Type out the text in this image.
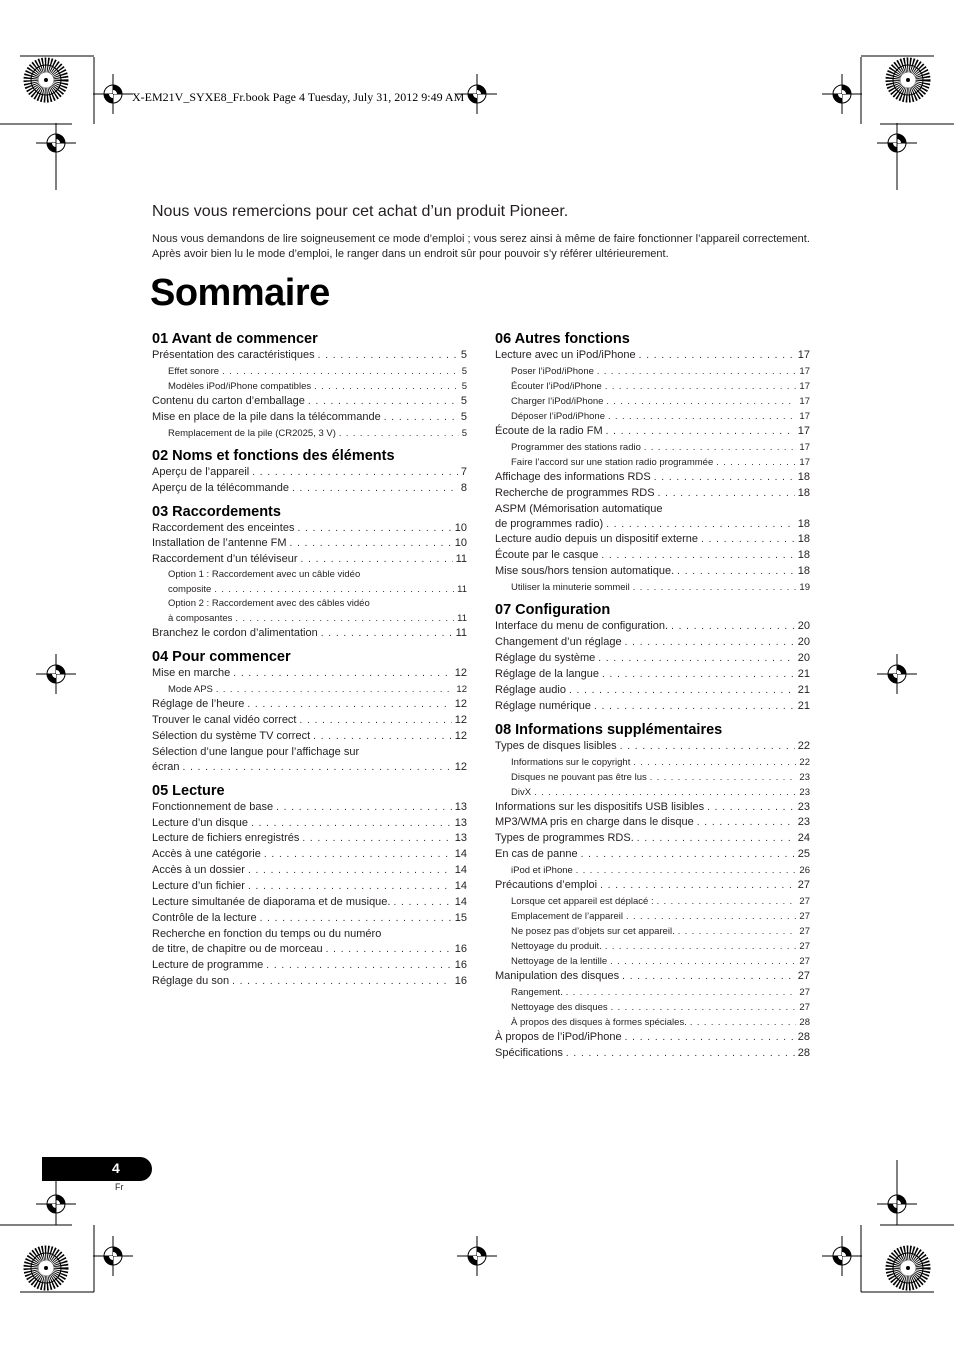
X-EM21V_SYXE8_Fr.book Page 4 Tuesday, July 31, 2012 9:49 AM
Nous vous remercions pour cet achat d’un produit Pioneer.
Nous vous demandons de lire soigneusement ce mode d’emploi ; vous serez ainsi à même de faire fonctionner l’appareil correctement. Après avoir bien lu le mode d’emploi, le ranger dans un endroit sûr pour pouvoir s’y référer ultérieurement.
Sommaire
01 Avant de commencer
Présentation des caractéristiques . . .	5
Effet sonore . . .	5
Modèles iPod/iPhone compatibles . . .	5
Contenu du carton d’emballage . . .	5
Mise en place de la pile dans la télécommande . . .	5
Remplacement de la pile (CR2025, 3 V) . . .	5
02 Noms et fonctions des éléments
Aperçu de l’appareil . . .	7
Aperçu de la télécommande . . .	8
03 Raccordements
Raccordement des enceintes . . .	10
Installation de l’antenne FM . . .	10
Raccordement d’un téléviseur . . .	11
Option 1 : Raccordement avec un câble vidéo
composite . . .	11
Option 2 : Raccordement avec des câbles vidéo
à composantes . . .	11
Branchez le cordon d’alimentation . . .	11
04 Pour commencer
Mise en marche . . .	12
Mode APS . . .	12
Réglage de l’heure . . .	12
Trouver le canal vidéo correct . . .	12
Sélection du système TV correct . . .	12
Sélection d’une langue pour l’affichage sur
écran . . .	12
05 Lecture
Fonctionnement de base . . .	13
Lecture d’un disque . . .	13
Lecture de fichiers enregistrés . . .	13
Accès à une catégorie . . .	14
Accès à un dossier . . .	14
Lecture d’un fichier . . .	14
Lecture simultanée de diaporama et de musique. . . .	14
Contrôle de la lecture . . .	15
Recherche en fonction du temps ou du numéro
de titre, de chapitre ou de morceau . . .	16
Lecture de programme . . .	16
Réglage du son . . .	16
06 Autres fonctions
Lecture avec un iPod/iPhone . . .	17
Poser l’iPod/iPhone . . .	17
Écouter l’iPod/iPhone . . .	17
Charger l’iPod/iPhone . . .	17
Déposer l’iPod/iPhone . . .	17
Écoute de la radio FM . . .	17
Programmer des stations radio . . .	17
Faire l’accord sur une station radio programmée . . .	17
Affichage des informations RDS . . .	18
Recherche de programmes RDS . . .	18
ASPM (Mémorisation automatique
de programmes radio) . . .	18
Lecture audio depuis un dispositif externe . . .	18
Écoute par le casque . . .	18
Mise sous/hors tension automatique. . . .	18
Utiliser la minuterie sommeil . . .	19
07 Configuration
Interface du menu de configuration. . . .	20
Changement d’un réglage . . .	20
Réglage du système . . .	20
Réglage de la langue . . .	21
Réglage audio . . .	21
Réglage numérique . . .	21
08 Informations supplémentaires
Types de disques lisibles . . .	22
Informations sur le copyright . . .	22
Disques ne pouvant pas être lus . . .	23
DivX . . .	23
Informations sur les dispositifs USB lisibles . . .	23
MP3/WMA pris en charge dans le disque . . .	23
Types de programmes RDS. . . .	24
En cas de panne . . .	25
iPod et iPhone . . .	26
Précautions d’emploi . . .	27
Lorsque cet appareil est déplacé : . . .	27
Emplacement de l’appareil . . .	27
Ne posez pas d’objets sur cet appareil. . . .	27
Nettoyage du produit. . . .	27
Nettoyage de la lentille . . .	27
Manipulation des disques . . .	27
Rangement. . . .	27
Nettoyage des disques . . .	27
À propos des disques à formes spéciales. . . .	28
À propos de l’iPod/iPhone . . .	28
Spécifications . . .	28
4
Fr
